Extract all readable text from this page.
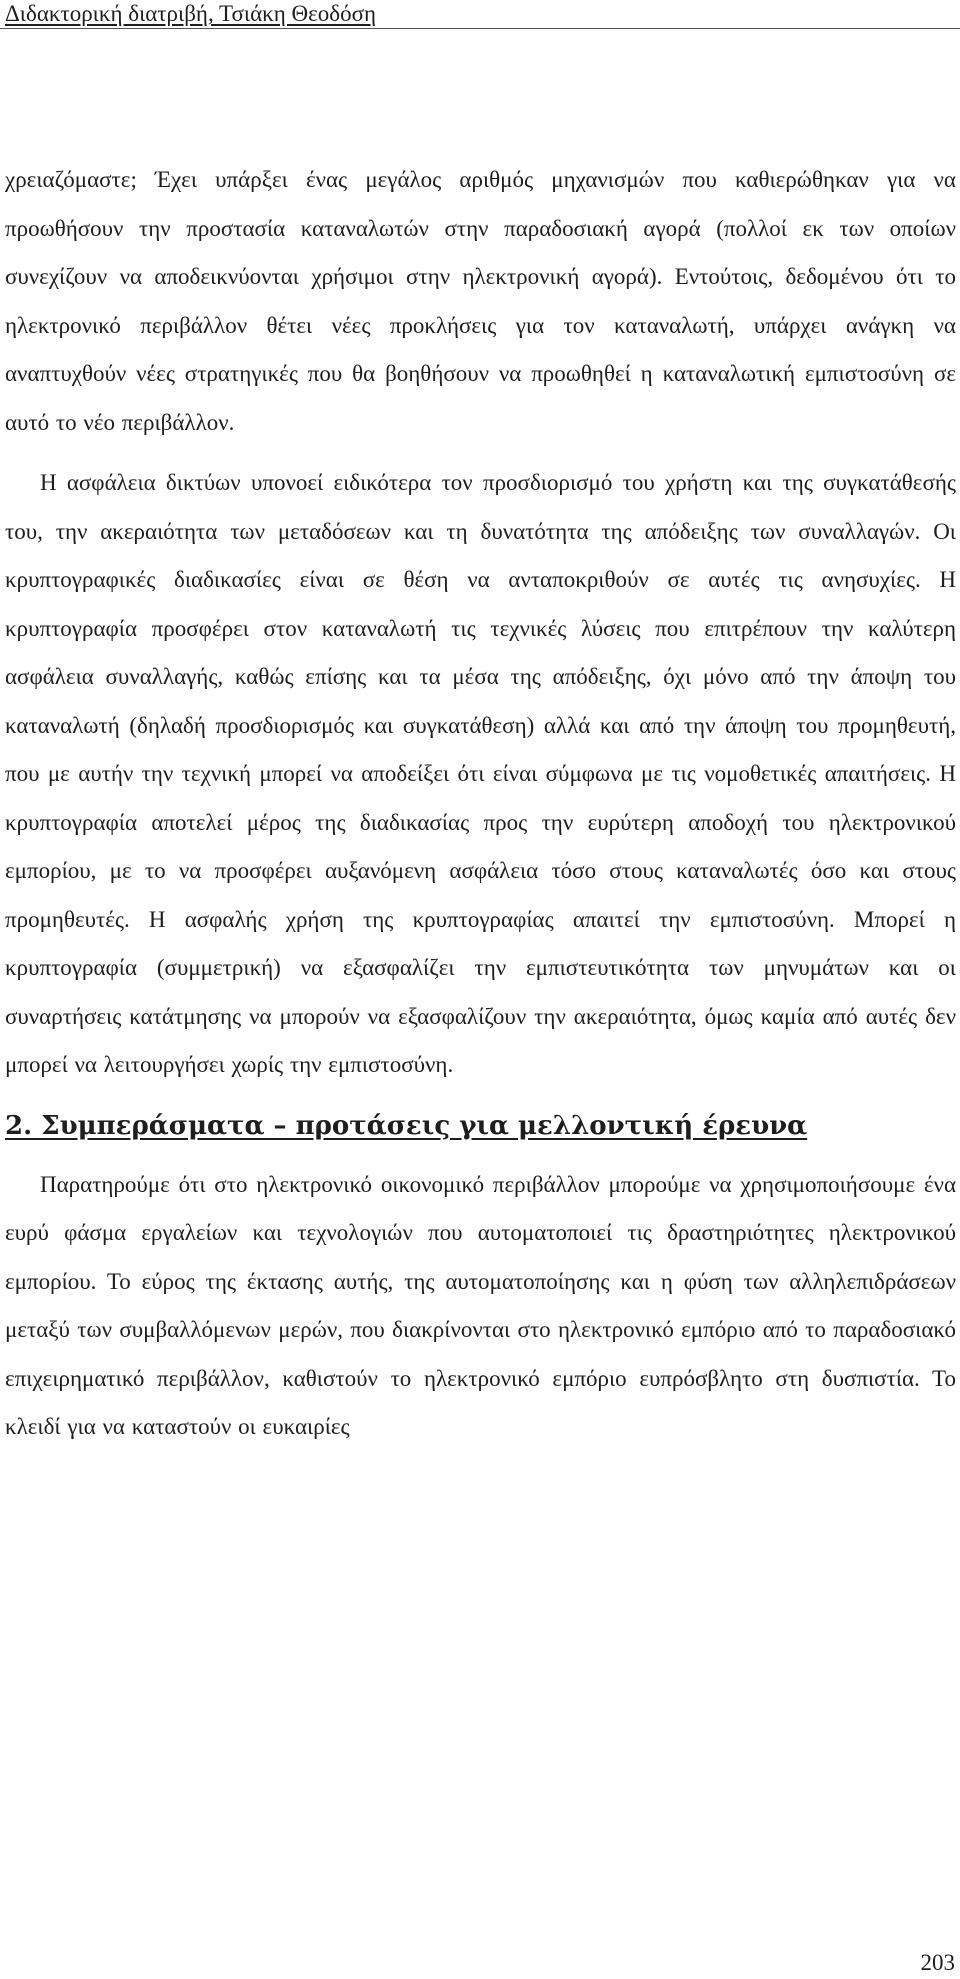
Διδακτορική διατριβή, Τσιάκη Θεοδόση

χρειαζόμαστε; Έχει υπάρξει ένας μεγάλος αριθμός μηχανισμών που καθιερώθηκαν για να προωθήσουν την προστασία καταναλωτών στην παραδοσιακή αγορά (πολλοί εκ των οποίων συνεχίζουν να αποδεικνύονται χρήσιμοι στην ηλεκτρονική αγορά). Εντούτοις, δεδομένου ότι το ηλεκτρονικό περιβάλλον θέτει νέες προκλήσεις για τον καταναλωτή, υπάρχει ανάγκη να αναπτυχθούν νέες στρατηγικές που θα βοηθήσουν να προωθηθεί η καταναλωτική εμπιστοσύνη σε αυτό το νέο περιβάλλον.

Η ασφάλεια δικτύων υπονοεί ειδικότερα τον προσδιορισμό του χρήστη και της συγκατάθεσής του, την ακεραιότητα των μεταδόσεων και τη δυνατότητα της απόδειξης των συναλλαγών. Οι κρυπτογραφικές διαδικασίες είναι σε θέση να ανταποκριθούν σε αυτές τις ανησυχίες. Η κρυπτογραφία προσφέρει στον καταναλωτή τις τεχνικές λύσεις που επιτρέπουν την καλύτερη ασφάλεια συναλλαγής, καθώς επίσης και τα μέσα της απόδειξης, όχι μόνο από την άποψη του καταναλωτή (δηλαδή προσδιορισμός και συγκατάθεση) αλλά και από την άποψη του προμηθευτή, που με αυτήν την τεχνική μπορεί να αποδείξει ότι είναι σύμφωνα με τις νομοθετικές απαιτήσεις. Η κρυπτογραφία αποτελεί μέρος της διαδικασίας προς την ευρύτερη αποδοχή του ηλεκτρονικού εμπορίου, με το να προσφέρει αυξανόμενη ασφάλεια τόσο στους καταναλωτές όσο και στους προμηθευτές. Η ασφαλής χρήση της κρυπτογραφίας απαιτεί την εμπιστοσύνη. Μπορεί η κρυπτογραφία (συμμετρική) να εξασφαλίζει την εμπιστευτικότητα των μηνυμάτων και οι συναρτήσεις κατάτμησης να μπορούν να εξασφαλίζουν την ακεραιότητα, όμως καμία από αυτές δεν μπορεί να λειτουργήσει χωρίς την εμπιστοσύνη.

2. Συμπεράσματα – προτάσεις για μελλοντική έρευνα

Παρατηρούμε ότι στο ηλεκτρονικό οικονομικό περιβάλλον μπορούμε να χρησιμοποιήσουμε ένα ευρύ φάσμα εργαλείων και τεχνολογιών που αυτοματοποιεί τις δραστηριότητες ηλεκτρονικού εμπορίου. Το εύρος της έκτασης αυτής, της αυτοματοποίησης και η φύση των αλληλεπιδράσεων μεταξύ των συμβαλλόμενων μερών, που διακρίνονται στο ηλεκτρονικό εμπόριο από το παραδοσιακό επιχειρηματικό περιβάλλον, καθιστούν το ηλεκτρονικό εμπόριο ευπρόσβλητο στη δυσπιστία. Το κλειδί για να καταστούν οι ευκαιρίες

203
